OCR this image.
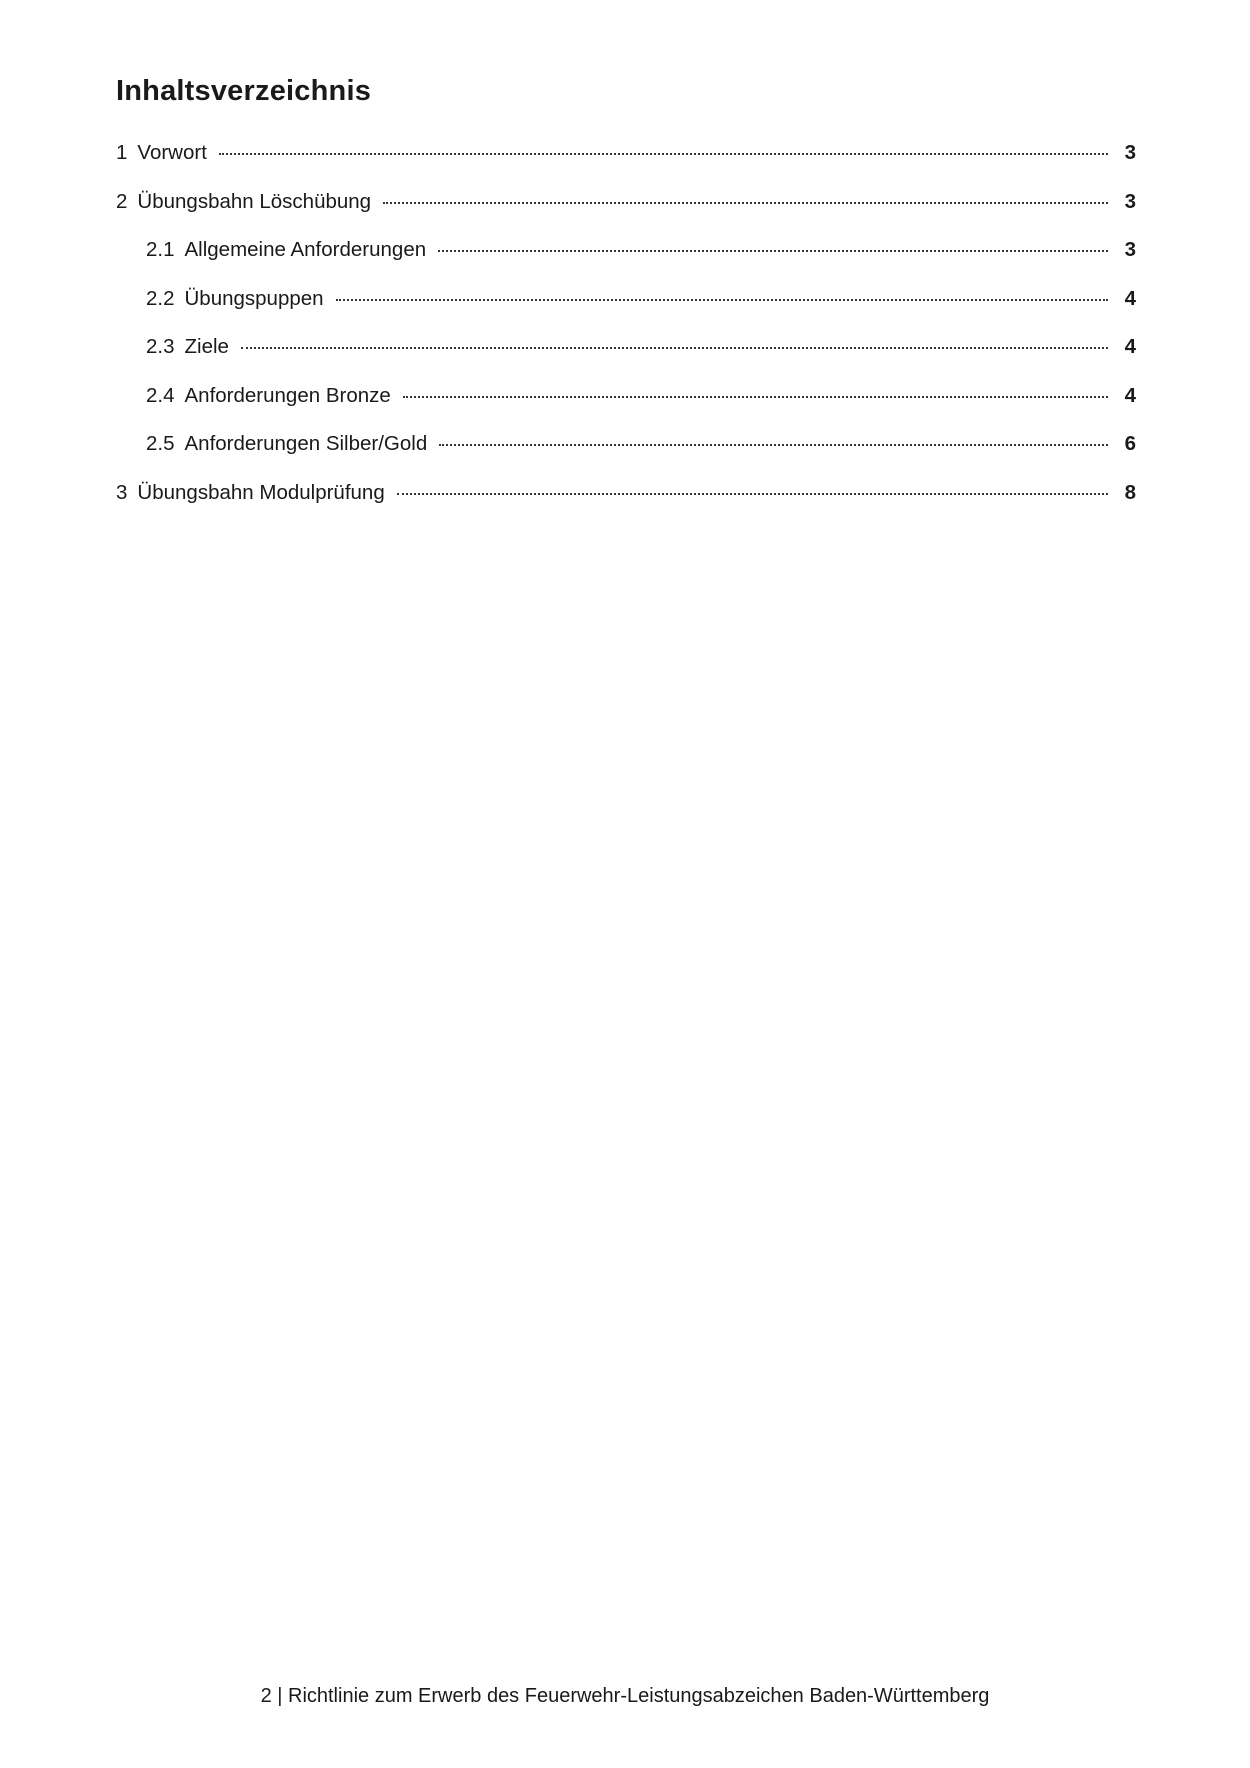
Inhaltsverzeichnis
1 Vorwort	3
2 Übungsbahn Löschübung	3
2.1 Allgemeine Anforderungen	3
2.2 Übungspuppen	4
2.3 Ziele	4
2.4 Anforderungen Bronze	4
2.5 Anforderungen Silber/Gold	6
3 Übungsbahn Modulprüfung	8
2 | Richtlinie zum Erwerb des Feuerwehr-Leistungsabzeichen Baden-Württemberg
